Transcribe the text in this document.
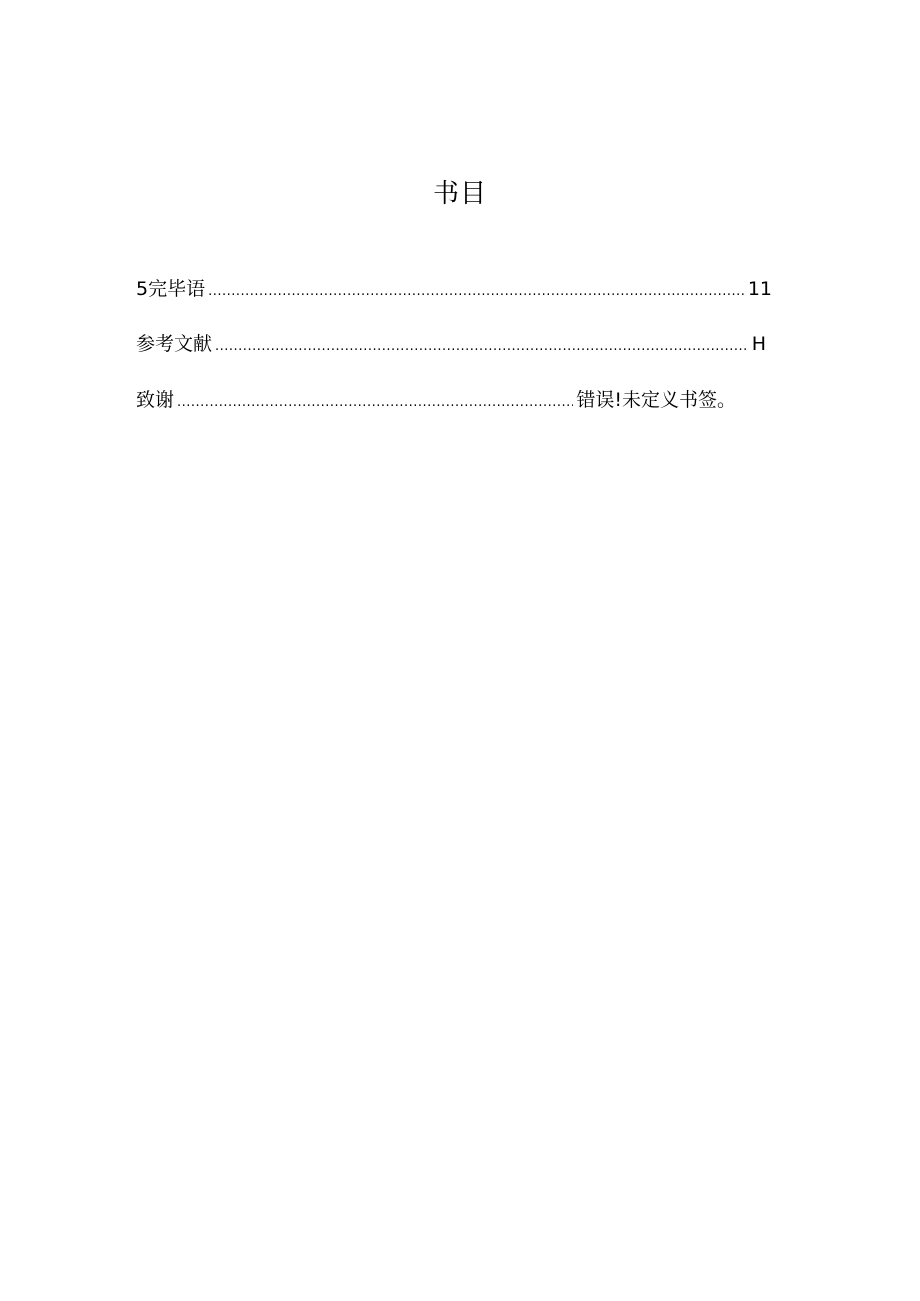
书目
5完毕语 .....	11
参考文献 .....	H
致谢 .....	错误!未定义书签。
